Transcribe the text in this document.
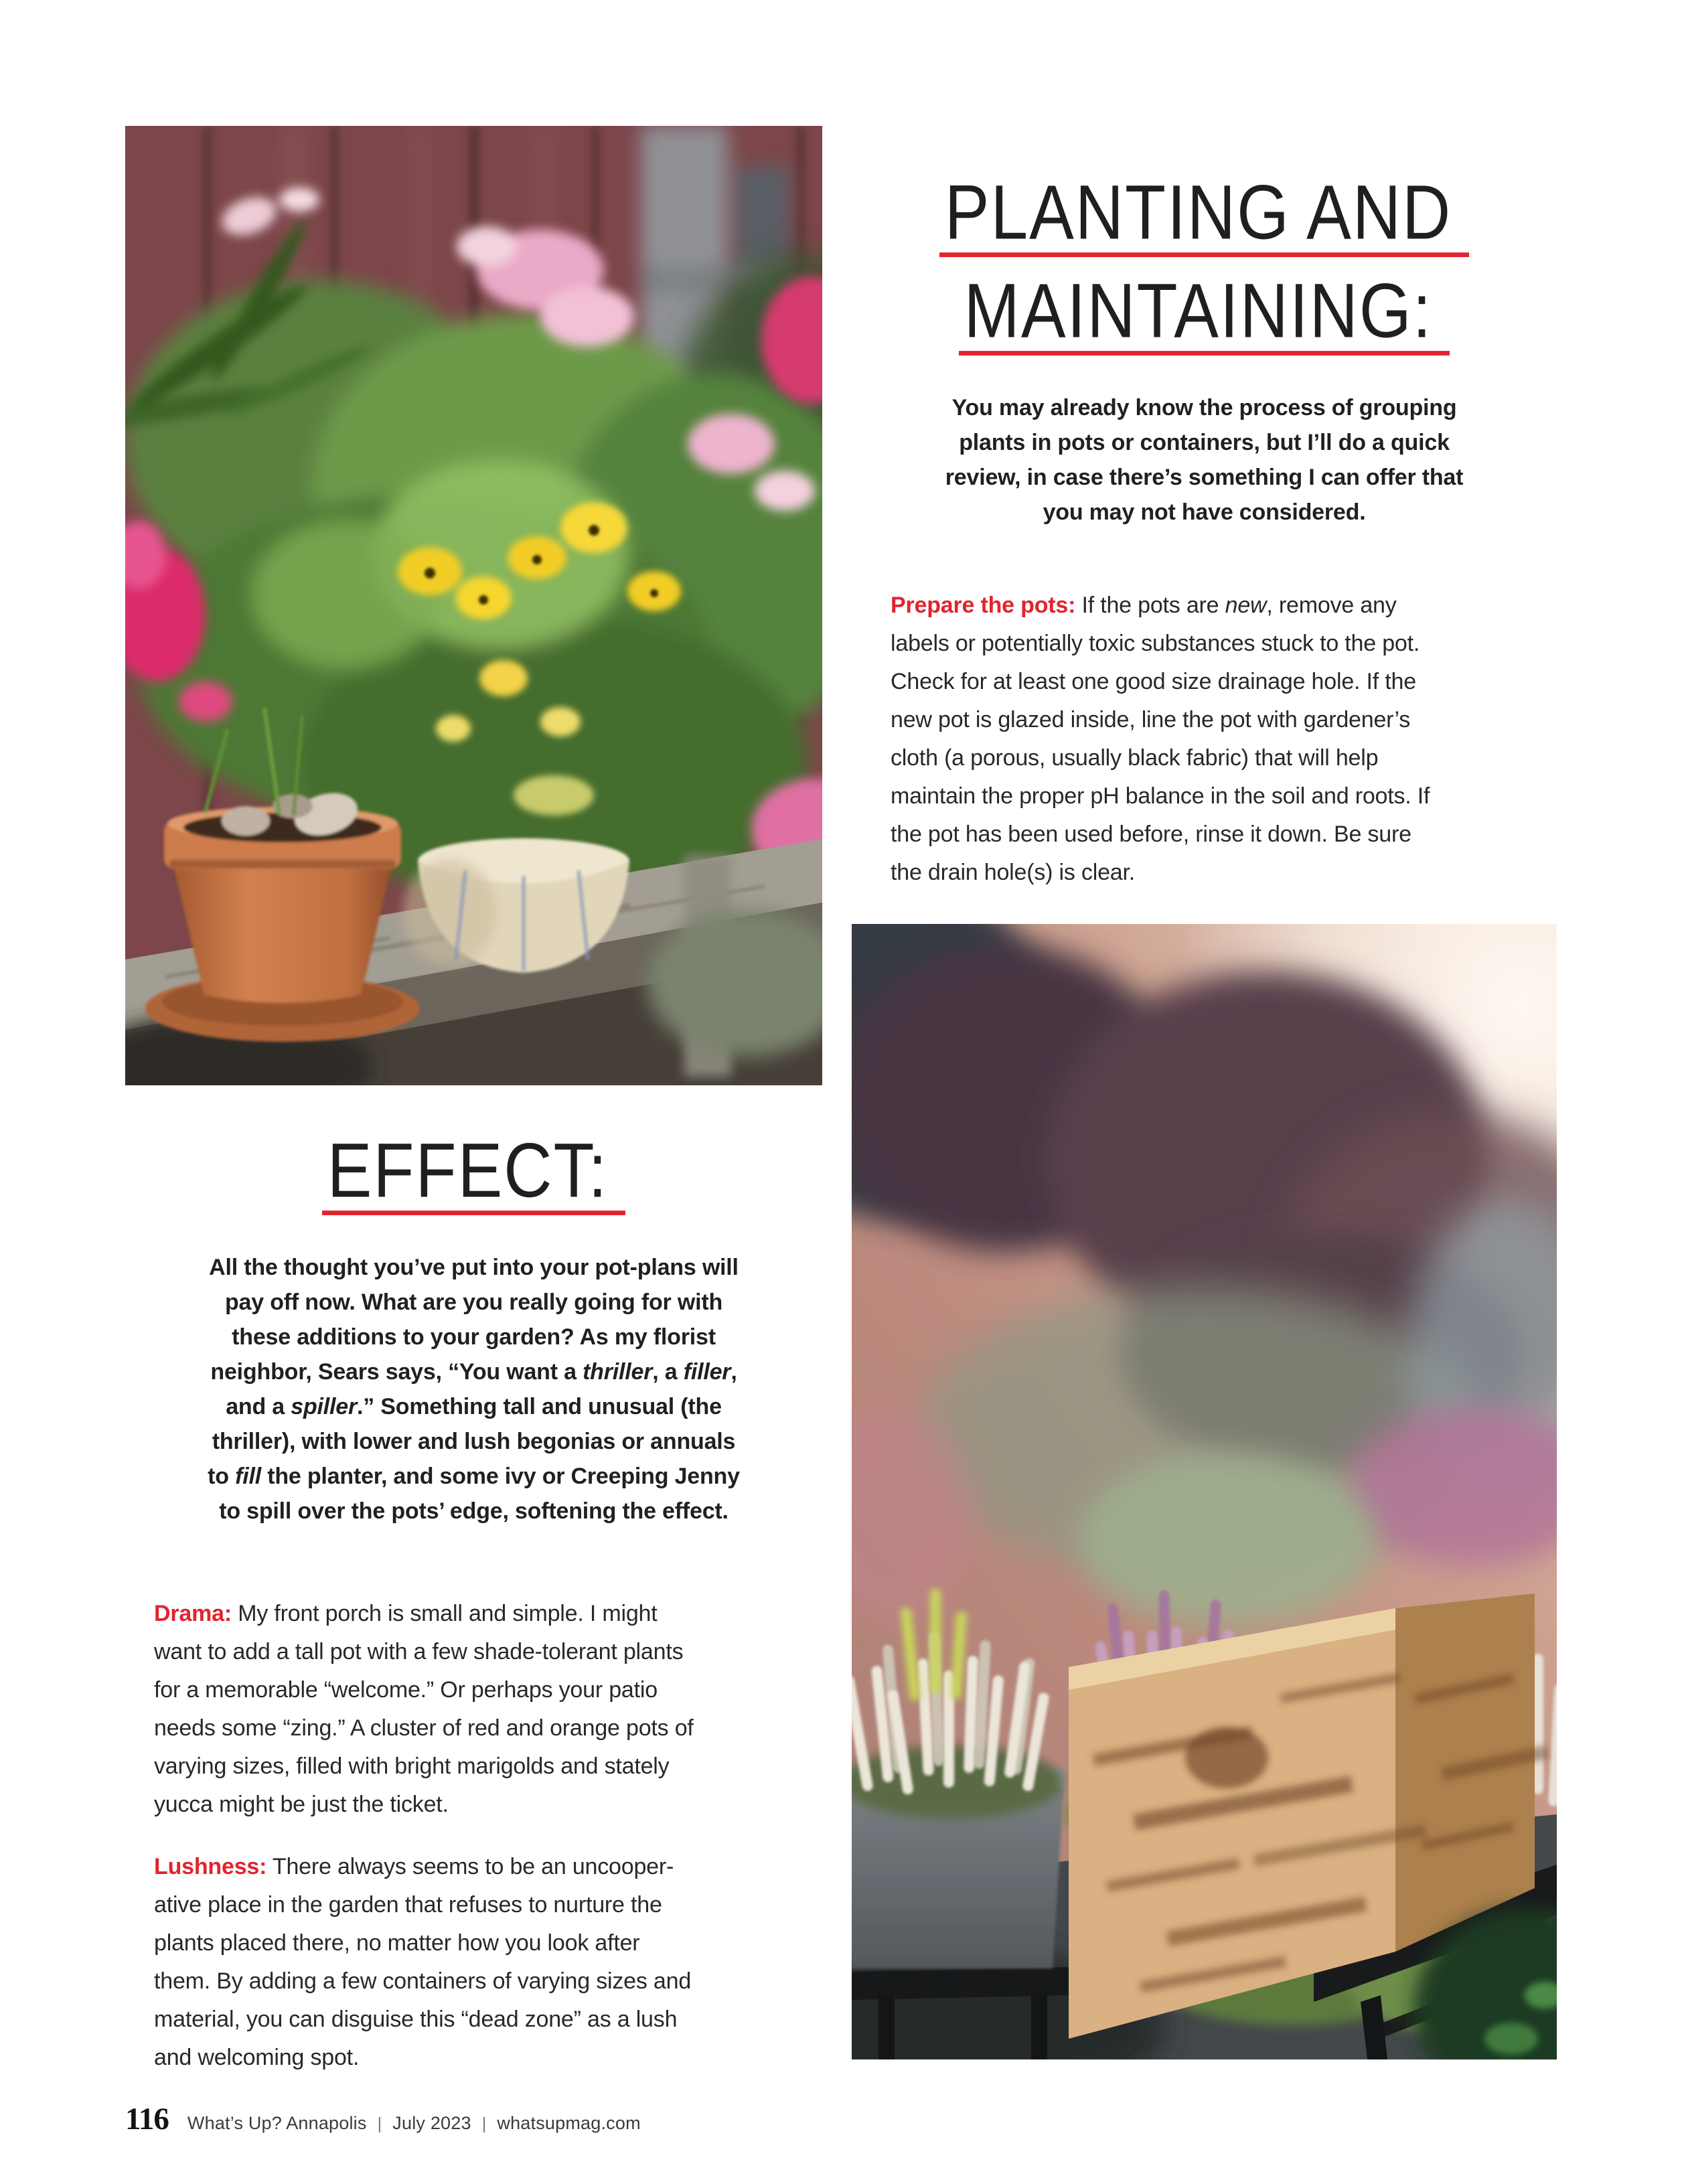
PLANTING AND
MAINTAINING:
You may already know the process of grouping
plants in pots or containers, but I’ll do a quick
review, in case there’s something I can offer that
you may not have considered.
Prepare the pots: If the pots are new, remove any
labels or potentially toxic substances stuck to the pot.
Check for at least one good size drainage hole. If the
new pot is glazed inside, line the pot with gardener’s
cloth (a porous, usually black fabric) that will help
maintain the proper pH balance in the soil and roots. If
the pot has been used before, rinse it down. Be sure
the drain hole(s) is clear.
EFFECT:
All the thought you’ve put into your pot-plans will
pay off now. What are you really going for with
these additions to your garden? As my florist
neighbor, Sears says, “You want a thriller, a filler,
and a spiller.” Something tall and unusual (the
thriller), with lower and lush begonias or annuals
to fill the planter, and some ivy or Creeping Jenny
to spill over the pots’ edge, softening the effect.
Drama: My front porch is small and simple. I might
want to add a tall pot with a few shade-tolerant plants
for a memorable “welcome.” Or perhaps your patio
needs some “zing.” A cluster of red and orange pots of
varying sizes, filled with bright marigolds and stately
yucca might be just the ticket.
Lushness: There always seems to be an uncooper-
ative place in the garden that refuses to nurture the
plants placed there, no matter how you look after
them. By adding a few containers of varying sizes and
material, you can disguise this “dead zone” as a lush
and welcoming spot.
116 What’s Up? Annapolis | July 2023 | whatsupmag.com
